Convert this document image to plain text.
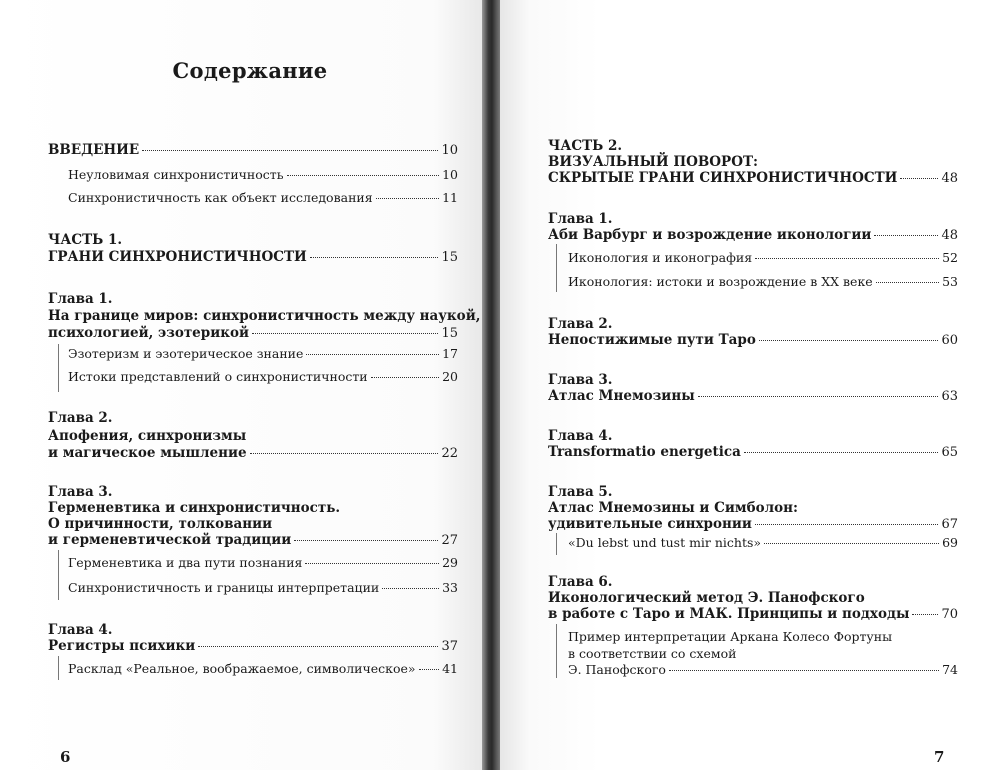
Содержание
ВВЕДЕНИЕ	10
Неуловимая синхронистичность	10
Синхронистичность как объект исследования	11
ЧАСТЬ 1.
ГРАНИ СИНХРОНИСТИЧНОСТИ	15
Глава 1.
На границе миров: синхронистичность между наукой,
психологией, эзотерикой	15
Эзотеризм и эзотерическое знание	17
Истоки представлений о синхронистичности	20
Глава 2.
Апофения, синхронизмы
и магическое мышление	22
Глава 3.
Герменевтика и синхронистичность.
О причинности, толковании
и герменевтической традиции	27
Герменевтика и два пути познания	29
Синхронистичность и границы интерпретации	33
Глава 4.
Регистры психики	37
Расклад «Реальное, воображаемое, символическое» 41
6
ЧАСТЬ 2.
ВИЗУАЛЬНЫЙ ПОВОРОТ:
СКРЫТЫЕ ГРАНИ СИНХРОНИСТИЧНОСТИ	48
Глава 1.
Аби Варбург и возрождение иконологии	48
Иконология и иконография	52
Иконология: истоки и возрождение в XX веке	53
Глава 2.
Непостижимые пути Таро	60
Глава 3.
Атлас Мнемозины	63
Глава 4.
Transformatio energetica	65
Глава 5.
Атлас Мнемозины и Симболон:
удивительные синхронии	67
«Du lebst und tust mir nichts»	69
Глава 6.
Иконологический метод Э. Панофского
в работе с Таро и МАК. Принципы и подходы 70
Пример интерпретации Аркана Колесо Фортуны
в соответствии со схемой
Э. Панофского	74
7
